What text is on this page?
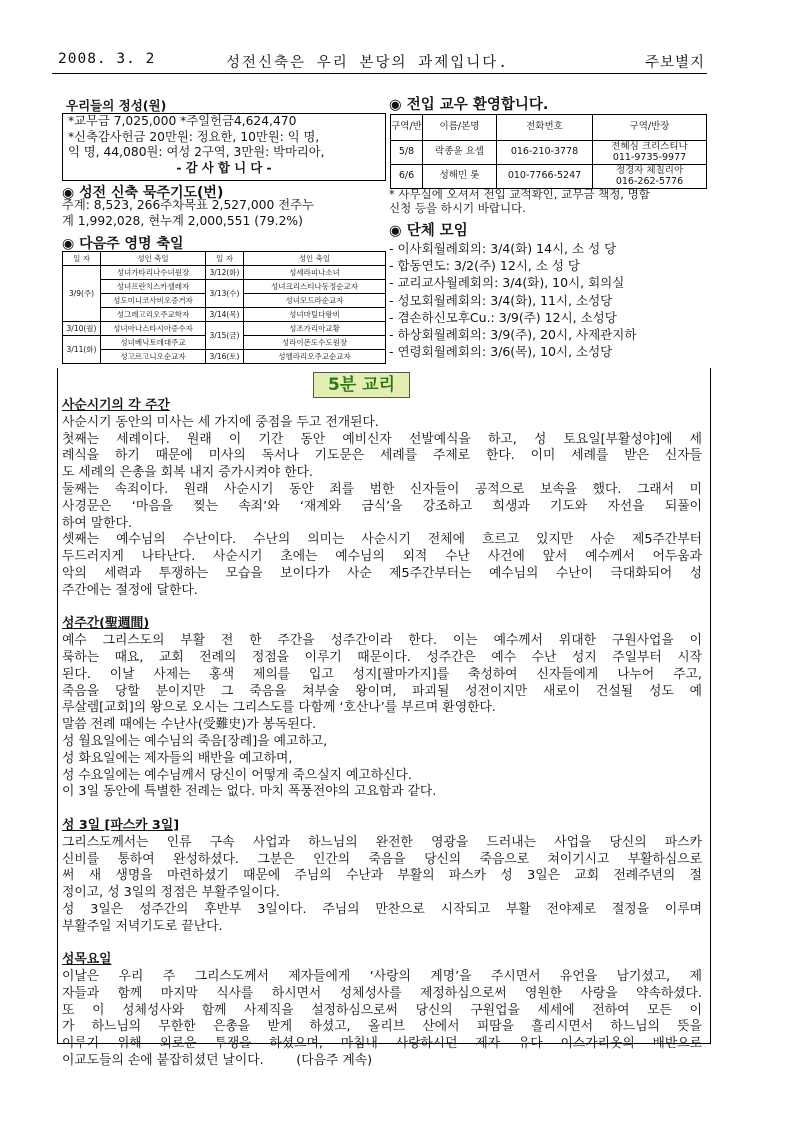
2008. 3. 2	성전신축은 우리 본당의 과제입니다.	주보별지
우리들의 정성(원)
*교무금 7,025,000 *주일헌금4,624,470
*신축감사헌금 20만원: 정요한, 10만원: 익 명,
익 명, 44,080원: 여성 2구역, 3만원: 박마리아,
- 감 사 합 니 다 -
◉ 성전 신축 묵주기도(번)
주계: 8,523, 266주차목표 2,527,000 전주누
계 1,992,028, 현누계 2,000,551 (79.2%)
◉ 다음주 영명 축일
일 자	성인 축일	일 자	성인 축일
3/9(주)	성녀가타리나수녀원장	3/12(화)	성세라피나소녀
	성녀프란치스카셀레자	3/13(수)	성녀크리스티나동정순교자
	성도미니코사비오증거자		성녀모드라순교자
	성그레고리오주교학자	3/14(목)	성녀마틸다왕비
3/10(월)	성녀아나스타시아증수자	3/15(금)	성조가리아교황
3/11(화)	성녀베닉토데대주교		성라이몬도수도원장
	성고르고니오순교자	3/16(토)	성헬라리오주교순교자
◉ 전입 교우 환영합니다.
구역/반	이름/본명	전화번호	구역/반장
5/8	락종윤 요셉	016-210-3778	전혜심 크리스티나
011-9735-9977

6/6	성해민 롯	010-7766-5247	정경자 체칠리아
016-262-5776
* 사무실에 오셔서 전입 교적확인, 교무금 책정, 명함
신청 등을 하시기 바랍니다.
◉ 단체 모임
- 이사회월례회의: 3/4(화) 14시, 소 성 당
- 합동연도: 3/2(주) 12시, 소 성 당
- 교리교사월례회의: 3/4(화), 10시, 회의실
- 성모회월례회의: 3/4(화), 11시, 소성당
- 겸손하신모후Cu.: 3/9(주) 12시, 소성당
- 하상회월례회의: 3/9(주), 20시, 사제관지하
- 연령회월례회의: 3/6(목), 10시, 소성당
5분 교리
사순시기의 각 주간
사순시기 동안의 미사는 세 가지에 중점을 두고 전개된다.
첫째는 세례이다. 원래 이 기간 동안 예비신자 선발예식을 하고, 성 토요일[부활성야]에 세
례식을 하기 때문에 미사의 독서나 기도문은 세례를 주제로 한다. 이미 세례를 받은 신자들
도 세례의 은총을 회복 내지 증가시켜야 한다.
둘째는 속죄이다. 원래 사순시기 동안 죄를 범한 신자들이 공적으로 보속을 했다. 그래서 미
사경문은 ‘마음을 찢는 속죄’와 ‘재계와 금식’을 강조하고 희생과 기도와 자선을 되풀이
하여 말한다.
셋째는 예수님의 수난이다. 수난의 의미는 사순시기 전체에 흐르고 있지만 사순 제5주간부터
두드러지게 나타난다. 사순시기 초에는 예수님의 외적 수난 사건에 앞서 예수께서 어두움과
악의 세력과 투쟁하는 모습을 보이다가 사순 제5주간부터는 예수님의 수난이 극대화되어 성
주간에는 절정에 달한다.
성주간(聖週間)
예수 그리스도의 부활 전 한 주간을 성주간이라 한다. 이는 예수께서 위대한 구원사업을 이
룩하는 때요, 교회 전례의 정점을 이루기 때문이다. 성주간은 예수 수난 성지 주일부터 시작
된다. 이날 사제는 홍색 제의를 입고 성지[팔마가지]를 축성하여 신자들에게 나누어 주고,
죽음을 당할 분이지만 그 죽음을 쳐부술 왕이며, 파괴될 성전이지만 새로이 건설될 성도 예
루살렘[교회]의 왕으로 오시는 그리스도를 다함께 ‘호산나’를 부르며 환영한다.
말씀 전례 때에는 수난사(受難史)가 봉독된다.
성 월요일에는 예수님의 죽음[장례]을 예고하고,
성 화요일에는 제자들의 배반을 예고하며,
성 수요일에는 예수님께서 당신이 어떻게 죽으실지 예고하신다.
이 3일 동안에 특별한 전례는 없다. 마치 폭풍전야의 고요함과 같다.
성 3일 [파스카 3일]
그리스도께서는 인류 구속 사업과 하느님의 완전한 영광을 드러내는 사업을 당신의 파스카
신비를 통하여 완성하셨다. 그분은 인간의 죽음을 당신의 죽음으로 쳐이기시고 부활하심으로
써 새 생명을 마련하셨기 때문에 주님의 수난과 부활의 파스카 성 3일은 교회 전례주년의 절
정이고, 성 3일의 정점은 부활주일이다.
성 3일은 성주간의 후반부 3일이다. 주님의 만찬으로 시작되고 부활 전야제로 절정을 이루며
부활주일 저녁기도로 끝난다.
성목요일
이날은 우리 주 그리스도께서 제자들에게 ‘사랑의 계명’을 주시면서 유언을 남기셨고, 제
자들과 함께 마지막 식사를 하시면서 성체성사를 제정하심으로써 영원한 사랑을 약속하셨다.
또 이 성체성사와 함께 사제직을 설정하심으로써 당신의 구원업을 세세에 전하여 모든 이
가 하느님의 무한한 은총을 받게 하셨고, 올리브 산에서 피땀을 흘리시면서 하느님의 뜻을
이루기 위해 외로운 투쟁을 하셨으며, 마침내 사랑하시던 제자 유다 이스가리옷의 배반으로
이교도들의 손에 붙잡히셨던 날이다.        (다음주 계속)
